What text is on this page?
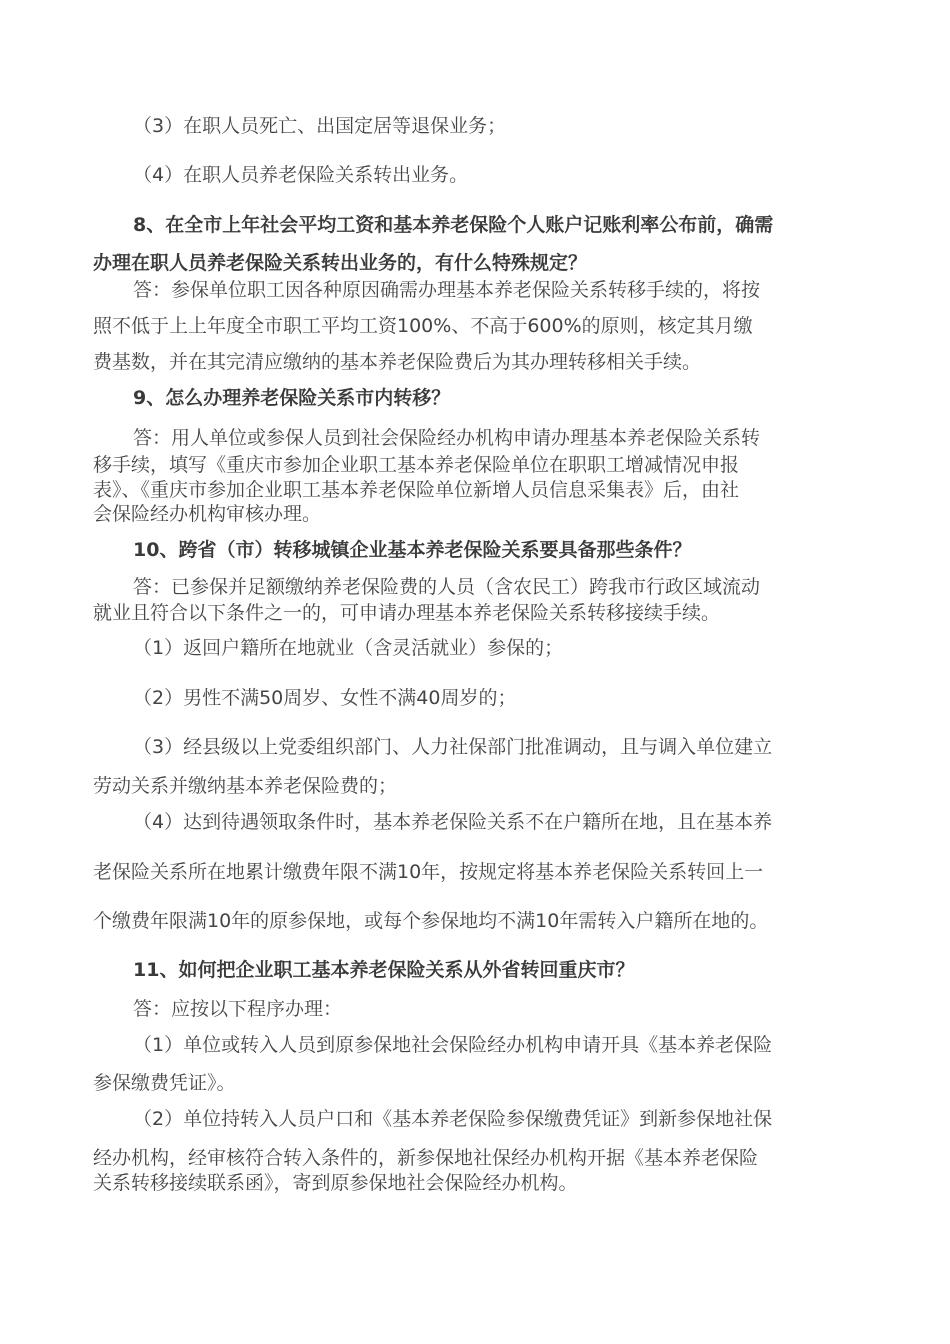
（3）在职人员死亡、出国定居等退保业务；

（4）在职人员养老保险关系转出业务。

8、在全市上年社会平均工资和基本养老保险个人账户记账利率公布前，确需

办理在职人员养老保险关系转出业务的，有什么特殊规定？

答：参保单位职工因各种原因确需办理基本养老保险关系转移手续的，将按

照不低于上上年度全市职工平均工资100%、不高于600%的原则，核定其月缴

费基数，并在其完清应缴纳的基本养老保险费后为其办理转移相关手续。

9、怎么办理养老保险关系市内转移？

答：用人单位或参保人员到社会保险经办机构申请办理基本养老保险关系转

移手续，填写《重庆市参加企业职工基本养老保险单位在职职工增减情况申报

表》、《重庆市参加企业职工基本养老保险单位新增人员信息采集表》后，由社

会保险经办机构审核办理。

10、跨省（市）转移城镇企业基本养老保险关系要具备那些条件？

答：已参保并足额缴纳养老保险费的人员（含农民工）跨我市行政区域流动

就业且符合以下条件之一的，可申请办理基本养老保险关系转移接续手续。

（1）返回户籍所在地就业（含灵活就业）参保的；

（2）男性不满50周岁、女性不满40周岁的；

（3）经县级以上党委组织部门、人力社保部门批准调动，且与调入单位建立

劳动关系并缴纳基本养老保险费的；

（4）达到待遇领取条件时，基本养老保险关系不在户籍所在地，且在基本养

老保险关系所在地累计缴费年限不满10年，按规定将基本养老保险关系转回上一

个缴费年限满10年的原参保地，或每个参保地均不满10年需转入户籍所在地的。

11、如何把企业职工基本养老保险关系从外省转回重庆市？

答：应按以下程序办理：

（1）单位或转入人员到原参保地社会保险经办机构申请开具《基本养老保险

参保缴费凭证》。

（2）单位持转入人员户口和《基本养老保险参保缴费凭证》到新参保地社保

经办机构，经审核符合转入条件的，新参保地社保经办机构开据《基本养老保险

关系转移接续联系函》，寄到原参保地社会保险经办机构。
